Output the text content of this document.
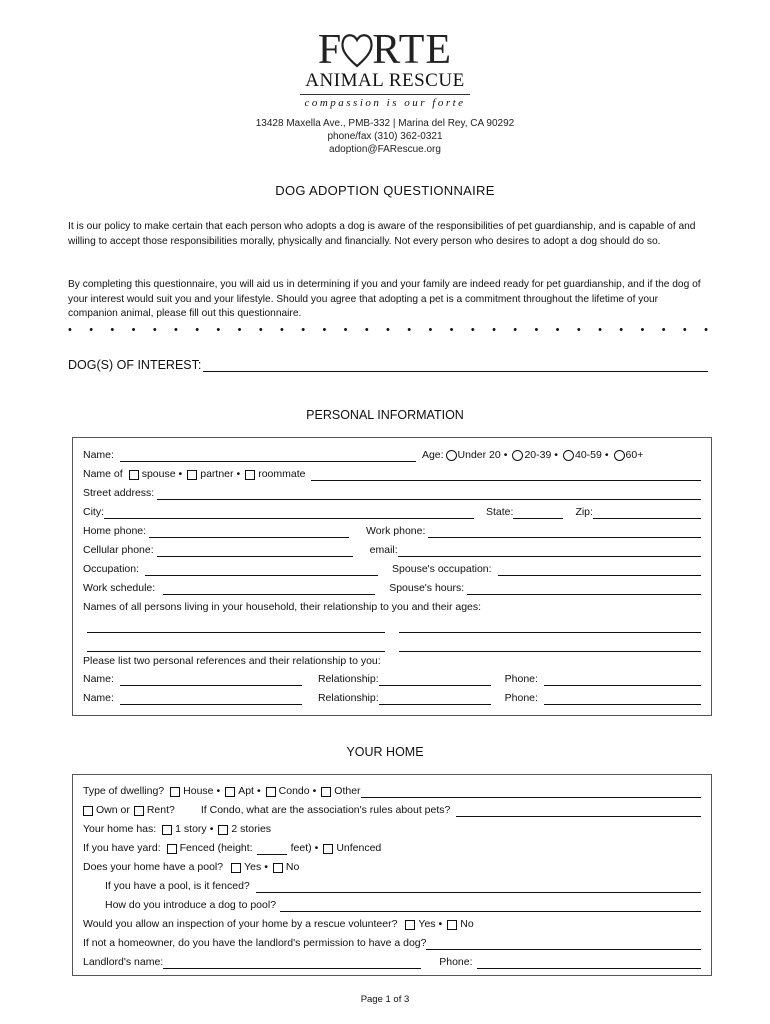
F RTE
ANIMAL RESCUE
compassion is our forte
13428 Maxella Ave., PMB-332 | Marina del Rey, CA 90292
phone/fax (310) 362-0321
adoption@FARescue.org
DOG ADOPTION QUESTIONNAIRE
It is our policy to make certain that each person who adopts a dog is aware of the responsibilities of pet guardianship, and is capable of and willing to accept those responsibilities morally, physically and financially. Not every person who desires to adopt a dog should do so.
By completing this questionnaire, you will aid us in determining if you and your family are indeed ready for pet guardianship, and if the dog of your interest would suit you and your lifestyle. Should you agree that adopting a pet is a commitment throughout the lifetime of your companion animal, please fill out this questionnaire.
• • • • • • • • • • • • • • • • • • • • • • • • • • • • • • •
DOG(S) OF INTEREST:
PERSONAL INFORMATION
Name:	Age: Under 20 • 20-39 • 40-59 • 60+
Name of spouse • partner • roommate
Street address:
City:	State:	Zip:
Home phone:	Work phone:
Cellular phone:	email:
Occupation:	Spouse's occupation:
Work schedule:	Spouse's hours:
Names of all persons living in your household, their relationship to you and their ages:
Please list two personal references and their relationship to you:
Name:	Relationship:	Phone:
Name:	Relationship:	Phone:
YOUR HOME
Type of dwelling? House • Apt • Condo • Other
Own or Rent? If Condo, what are the association's rules about pets?
Your home has: 1 story • 2 stories
If you have yard: Fenced (height:	feet) • Unfenced
Does your home have a pool? Yes • No
If you have a pool, is it fenced?
How do you introduce a dog to pool?
Would you allow an inspection of your home by a rescue volunteer? Yes • No
If not a homeowner, do you have the landlord's permission to have a dog?
Landlord's name:	Phone:
Page 1 of 3
